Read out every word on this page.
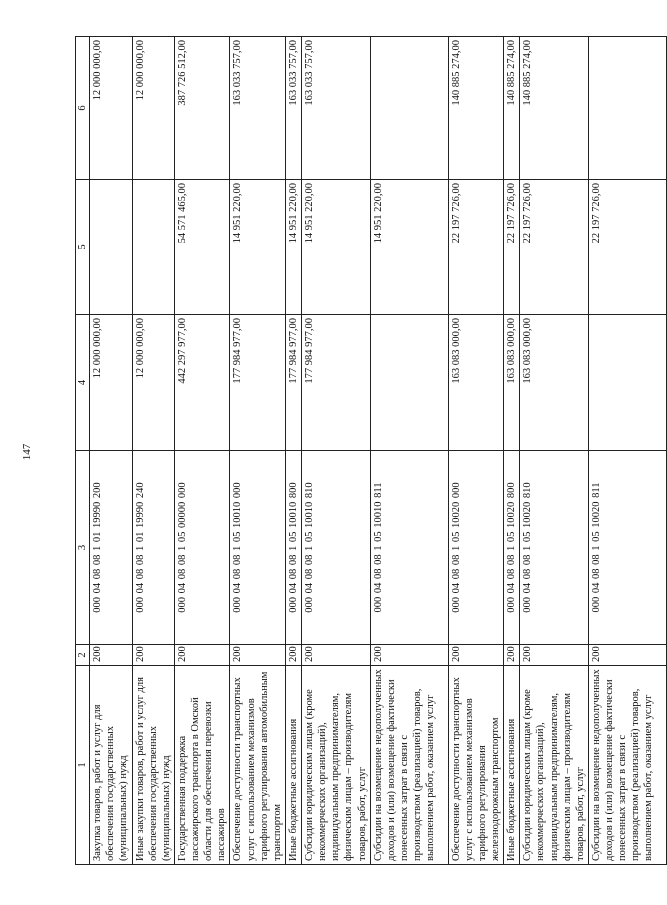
147
1	2	3	4	5	6
Закупка товаров, работ и услуг для обеспечения государственных (муниципальных) нужд	200	000 04 08 08 1 01 19990 200	12 000 000,00		12 000 000,00
Иные закупки товаров, работ и услуг для обеспечения государственных (муниципальных) нужд	200	000 04 08 08 1 01 19990 240	12 000 000,00		12 000 000,00
Государственная поддержка пассажирского транспорта в Омской области для обеспечения перевозки пассажиров	200	000 04 08 08 1 05 00000 000	442 297 977,00	54 571 465,00	387 726 512,00
Обеспечение доступности транспортных услуг с использованием механизмов тарифного регулирования автомобильным транспортом	200	000 04 08 08 1 05 10010 000	177 984 977,00	14 951 220,00	163 033 757,00
Иные бюджетные ассигнования	200	000 04 08 08 1 05 10010 800	177 984 977,00	14 951 220,00	163 033 757,00
Субсидии юридическим лицам (кроме некоммерческих организаций), индивидуальным предпринимателям, физическим лицам – производителям товаров, работ, услуг	200	000 04 08 08 1 05 10010 810	177 984 977,00	14 951 220,00	163 033 757,00
Субсидии на возмещение недополученных доходов и (или) возмещение фактически понесенных затрат в связи с производством (реализацией) товаров, выполнением работ, оказанием услуг	200	000 04 08 08 1 05 10010 811		14 951 220,00	
Обеспечение доступности транспортных услуг с использованием механизмов тарифного регулирования железнодорожным транспортом	200	000 04 08 08 1 05 10020 000	163 083 000,00	22 197 726,00	140 885 274,00
Иные бюджетные ассигнования	200	000 04 08 08 1 05 10020 800	163 083 000,00	22 197 726,00	140 885 274,00
Субсидии юридическим лицам (кроме некоммерческих организаций), индивидуальным предпринимателям, физическим лицам – производителям товаров, работ, услуг	200	000 04 08 08 1 05 10020 810	163 083 000,00	22 197 726,00	140 885 274,00
Субсидии на возмещение недополученных доходов и (или) возмещение фактически понесенных затрат в связи с производством (реализацией) товаров, выполнением работ, оказанием услуг	200	000 04 08 08 1 05 10020 811		22 197 726,00	
